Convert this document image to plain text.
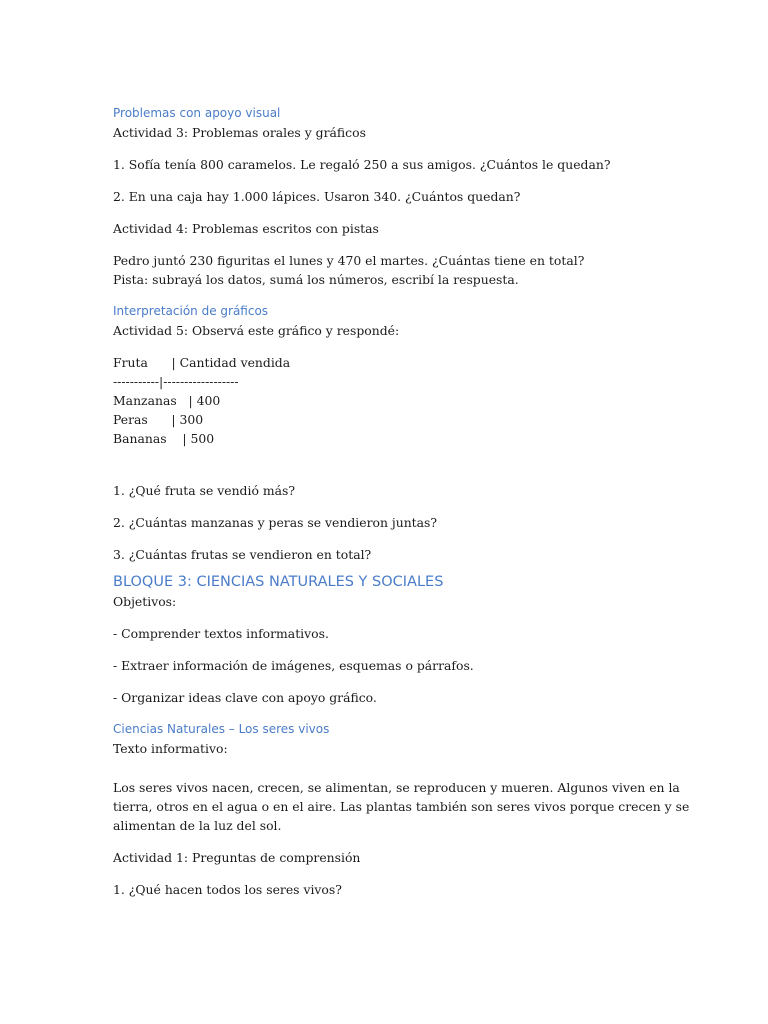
Problemas con apoyo visual

Actividad 3: Problemas orales y gráficos

1. Sofía tenía 800 caramelos. Le regaló 250 a sus amigos. ¿Cuántos le quedan?

2. En una caja hay 1.000 lápices. Usaron 340. ¿Cuántos quedan?

Actividad 4: Problemas escritos con pistas

Pedro juntó 230 figuritas el lunes y 470 el martes. ¿Cuántas tiene en total?

Pista: subrayá los datos, sumá los números, escribí la respuesta.

Interpretación de gráficos

Actividad 5: Observá este gráfico y respondé:

Fruta      | Cantidad vendida

-----------|------------------

Manzanas   | 400

Peras      | 300

Bananas    | 500

1. ¿Qué fruta se vendió más?

2. ¿Cuántas manzanas y peras se vendieron juntas?

3. ¿Cuántas frutas se vendieron en total?

BLOQUE 3: CIENCIAS NATURALES Y SOCIALES

Objetivos:

- Comprender textos informativos.

- Extraer información de imágenes, esquemas o párrafos.

- Organizar ideas clave con apoyo gráfico.

Ciencias Naturales – Los seres vivos

Texto informativo:

Los seres vivos nacen, crecen, se alimentan, se reproducen y mueren. Algunos viven en la

tierra, otros en el agua o en el aire. Las plantas también son seres vivos porque crecen y se

alimentan de la luz del sol.

Actividad 1: Preguntas de comprensión

1. ¿Qué hacen todos los seres vivos?
